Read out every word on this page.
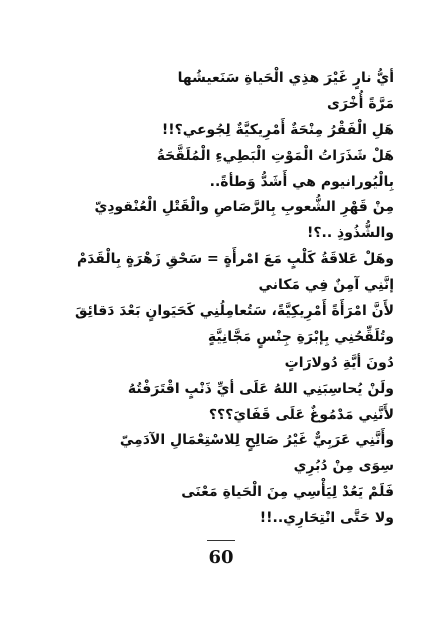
أيُّ نارٍ غَيْرَ هذِي الْحَياةِ سَنَعيشُها
مَرَّةً أُخْرَى
هَلِ الْفَقْرُ مِنْحَةٌ أَمْرِيكيَّةٌ لِجُوعي؟!!
هَلْ شَذَرَاتُ الْمَوْتِ الْبَطِيءِ الْمُلَقَّحَةُ
بِالْيُورانيوم هي أَشَدُّ وَطأةً..
مِنْ قَهْرِ الشُّعوبِ بِالرَّصَاصِ والْقَتْلِ الْعُنْقودِيّ
والشُّذُوذِ ..؟!
وهَلْ عَلاقَةُ كَلْبٍ مَعَ امْرأَةٍ = سَحْقِ زَهْرَةٍ بِالْقَدَمْ
إنَّنِي آمِنٌ فِي مَكاني
لأَنَّ امْرَأَةً أَمْرِيكِيَّةً، سَتُعامِلُنِي كَحَيَوانٍ بَعْدَ دَقائِقَ
وتُلَقِّحُنِي بِإبْرَةِ جِنْسٍ مَجَّانِيَّةٍ
دُونَ أيَّةِ دُولارَاتٍ
ولَنْ يُحاسِبَنِي اللهُ عَلَى أيِّ ذَنْبٍ اقْتَرَفْتُهُ
لأَنَّنِي مَدْمُوغٌ عَلَى قَفَايَ؟؟؟
وأَنَّنِي عَرَبِيٌّ غَيْرُ صَالِحٍ لِلاسْتِعْمَالِ الآدَمِيّ
سِوَى مِنْ دُبُرِي
فَلَمْ يَعُدْ لِيَأْسِي مِنَ الْحَياةِ مَعْنَى
ولا حَتَّى انْتِحَارِي..!!
60
